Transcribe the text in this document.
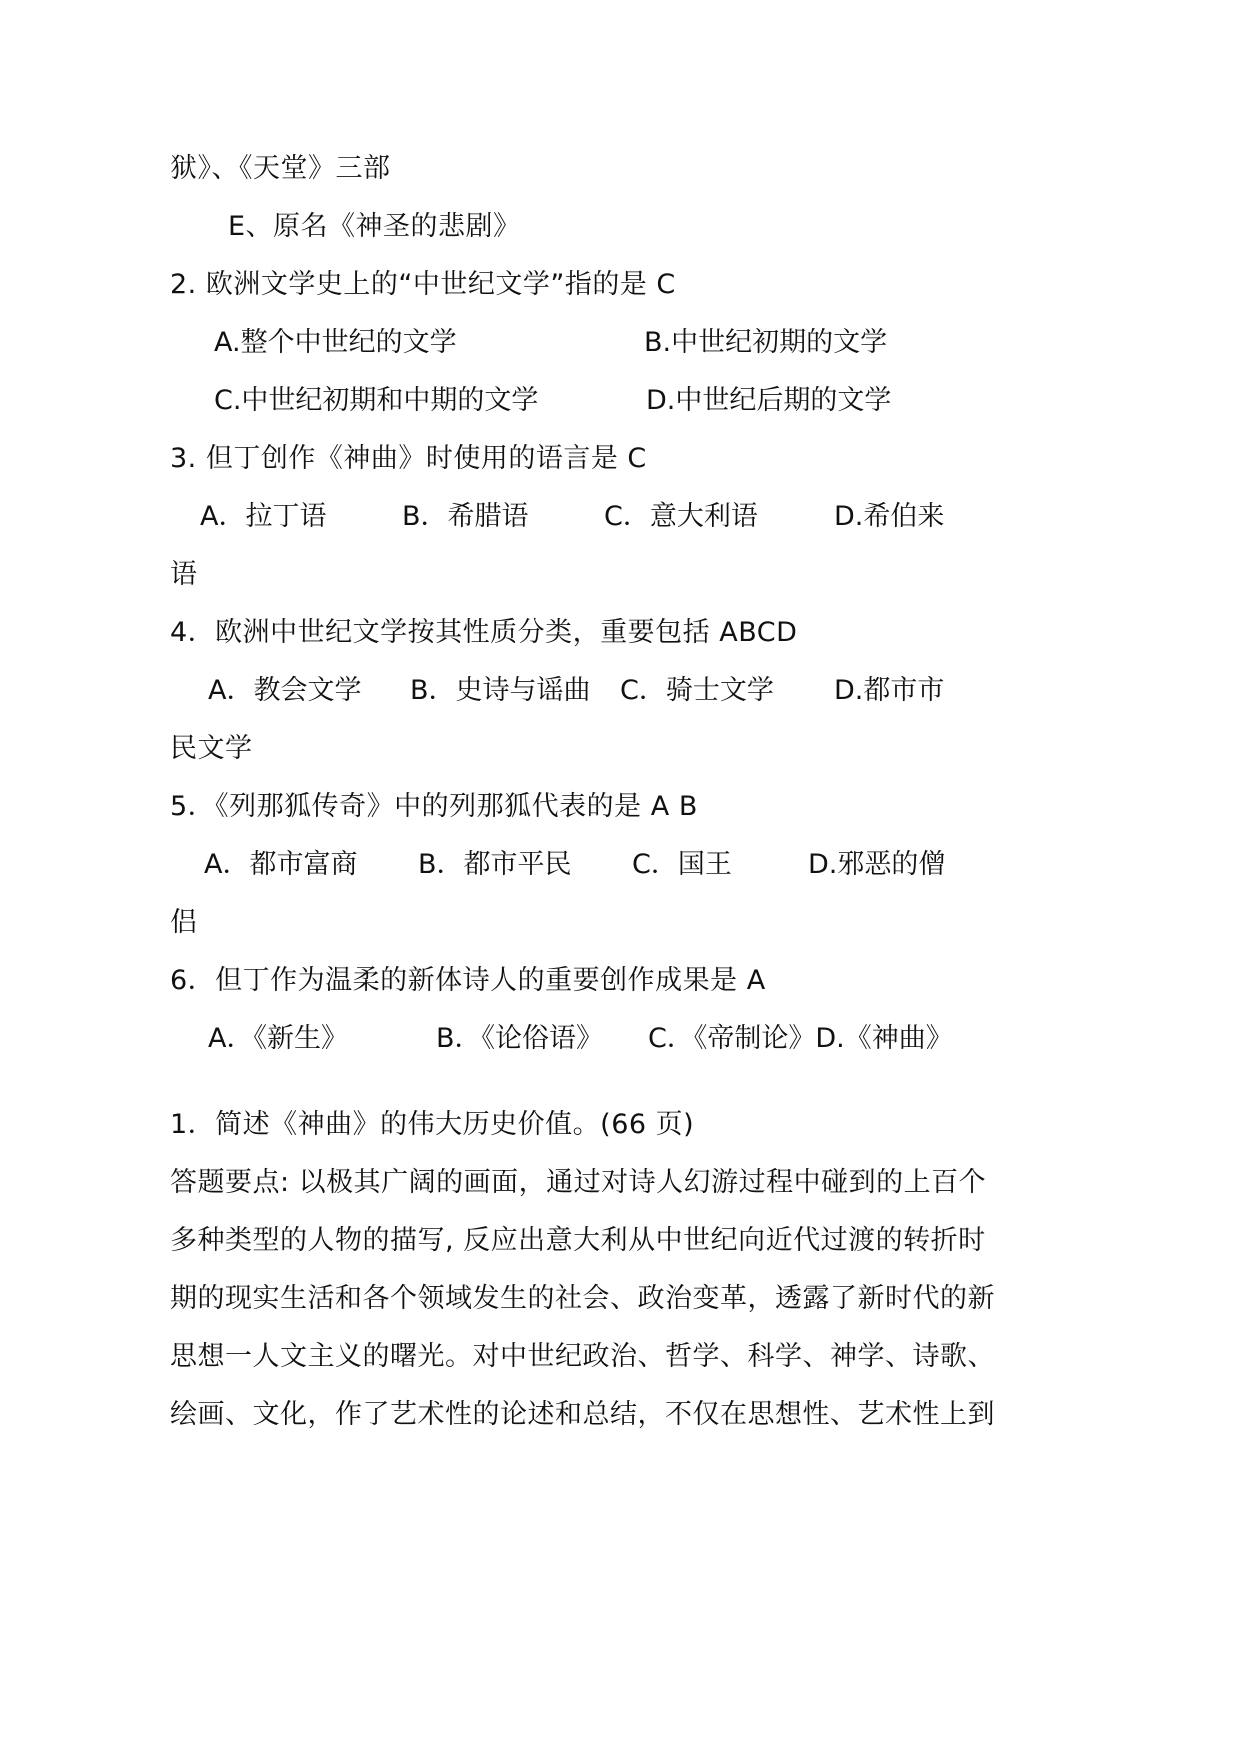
狱》、《天堂》三部
E、原名《神圣的悲剧》
2. 欧洲文学史上的“中世纪文学”指的是 C
A.整个中世纪的文学	B.中世纪初期的文学
C.中世纪初期和中期的文学	D.中世纪后期的文学
3. 但丁创作《神曲》时使用的语言是 C
A．拉丁语	B．希腊语	C．意大利语	D.希伯来
语
4．欧洲中世纪文学按其性质分类，重要包括 ABCD
A．教会文学 B．史诗与谣曲 C．骑士文学 D.都市市
民文学
5．《列那狐传奇》中的列那狐代表的是 A B
A．都市富商 B．都市平民 C．国王	D.邪恶的僧
侣
6．但丁作为温柔的新体诗人的重要创作成果是 A
A．《新生》	B．《论俗语》 C．《帝制论》D.《神曲》
1．简述《神曲》的伟大历史价值。(66 页)
答题要点: 以极其广阔的画面，通过对诗人幻游过程中碰到的上百个
多种类型的人物的描写, 反应出意大利从中世纪向近代过渡的转折时
期的现实生活和各个领域发生的社会、政治变革，透露了新时代的新
思想一人文主义的曙光。对中世纪政治、哲学、科学、神学、诗歌、
绘画、文化，作了艺术性的论述和总结，不仅在思想性、艺术性上到
